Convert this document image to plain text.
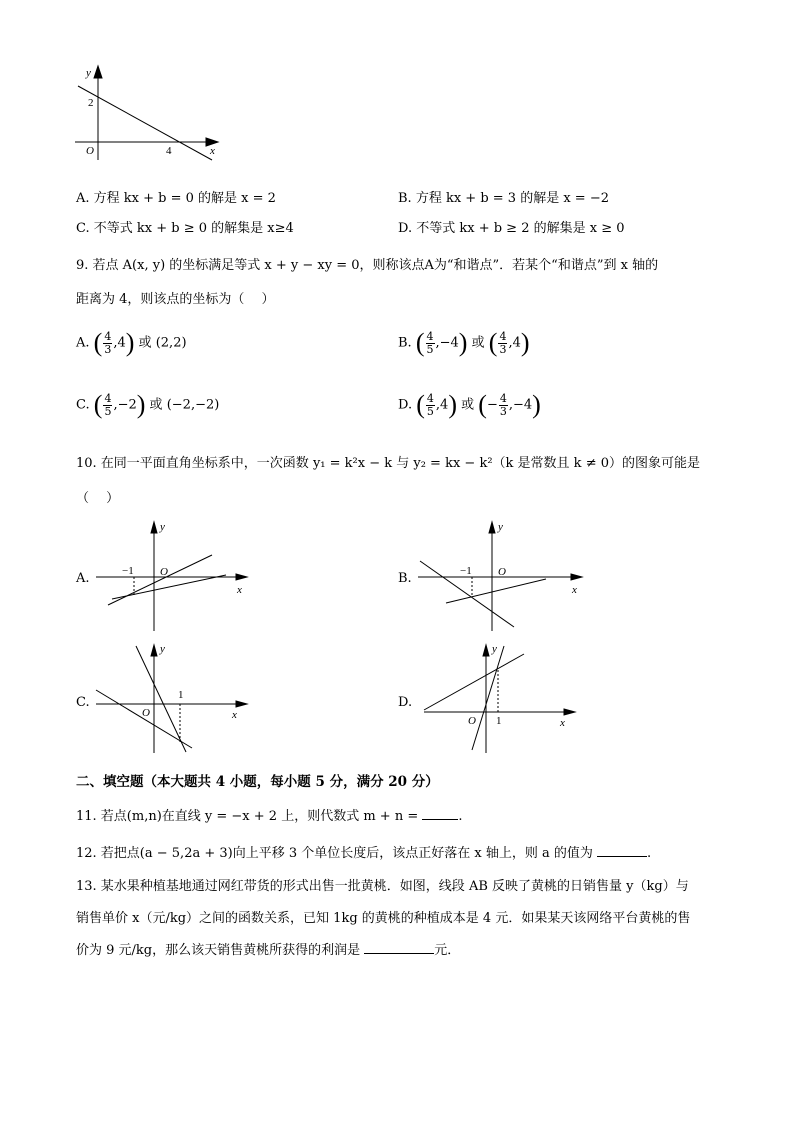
y
x
O
2
4
A. 方程 kx + b = 0 的解是 x = 2	B. 方程 kx + b = 3 的解是 x = −2
C. 不等式 kx + b ≥ 0 的解集是 x≥4	D. 不等式 kx + b ≥ 2 的解集是 x ≥ 0
9. 若点 A(x, y) 的坐标满足等式 x + y − xy = 0，则称该点A为“和谐点”．若某个“和谐点”到 x 轴的
距离为 4，则该点的坐标为（　 ）
A. ( $\frac{4}{3} ,4$) 或 (2,2)	B. ( $\frac{4}{5} ,-4$) 或 ( $\frac{4}{3} ,4$)
C. ( $\frac{4}{5} ,-2$) 或 (−2,−2)	D. ( $\frac{4}{5} ,4$) 或 (− $\frac{4}{3} ,-4$)
10. 在同一平面直角坐标系中，一次函数 y₁ = k²x − k 与 y₂ = kx − k²（k 是常数且 k ≠ 0）的图象可能是
（　 ）
A.
y
x
O
−1	B.
y
x
O
−1
C.
y
x
O
1	D.
y
x
O 1
二、填空题（本大题共 4 小题，每小题 5 分，满分 20 分）
11. 若点(m,n)在直线 y = −x + 2 上，则代数式 m + n =	.
12. 若把点(a − 5,2a + 3)向上平移 3 个单位长度后，该点正好落在 x 轴上，则 a 的值为	.
13. 某水果种植基地通过网红带货的形式出售一批黄桃．如图，线段 AB 反映了黄桃的日销售量 y（kg）与
销售单价 x（元/kg）之间的函数关系，已知 1kg 的黄桃的种植成本是 4 元．如果某天该网络平台黄桃的售
价为 9 元/kg，那么该天销售黄桃所获得的利润是	元．
